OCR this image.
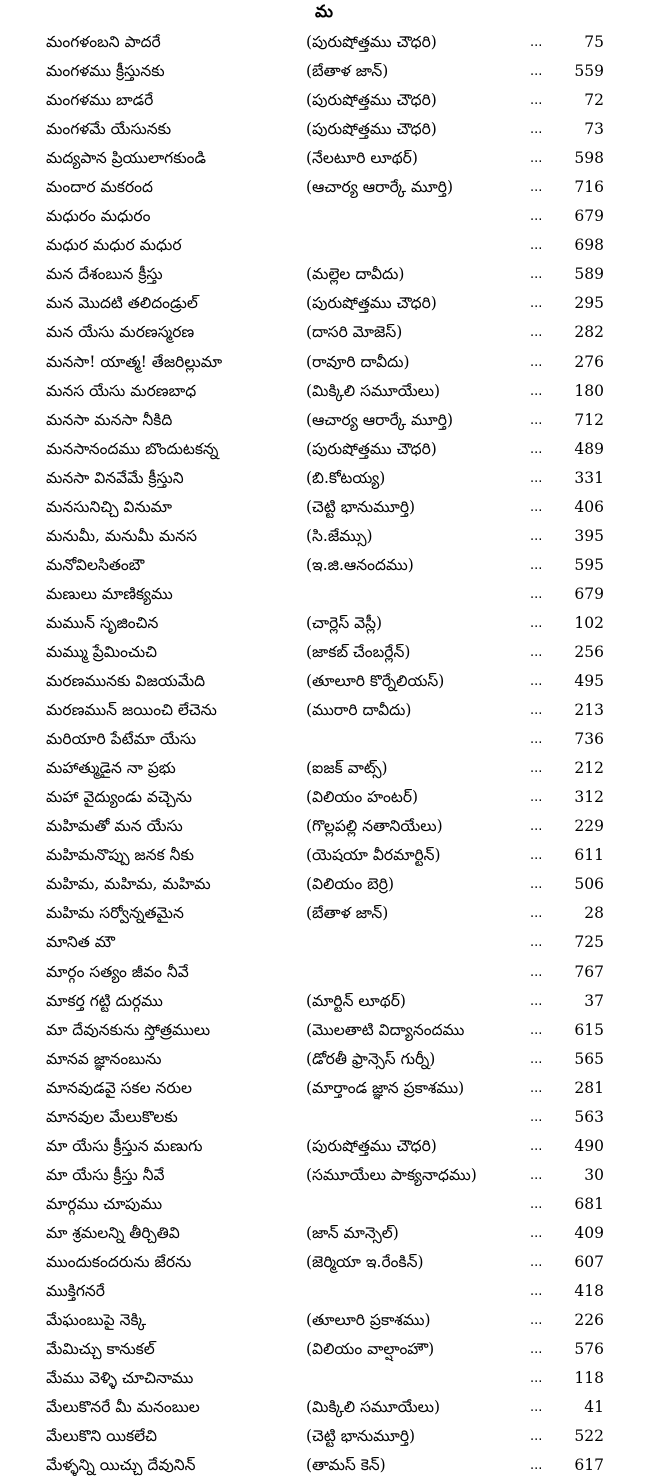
మ
మంగళంబని పాదరే	(పురుషోత్తము చౌధరి)	...	75
మంగళము క్రీస్తునకు	(బేతాళ జాన్)	...	559
మంగళము బాడరే	(పురుషోత్తము చౌధరి)	...	72
మంగళమే యేసునకు	(పురుషోత్తము చౌధరి)	...	73
మద్యపాన ప్రియులాగకుండి	(నేలటూరి లూథర్)	...	598
మందార మకరంద	(ఆచార్య ఆరార్కే మూర్తి)	...	716
మధురం మధురం	...	679
మధుర మధుర మధుర	...	698
మన దేశంబున క్రీస్తు	(మల్లెల దావీదు)	...	589
మన మొదటి తలిదండ్రుల్	(పురుషోత్తము చౌధరి)	...	295
మన యేసు మరణస్మరణ	(దాసరి మోజెస్)	...	282
మనసా! యాత్మ! తేజరిల్లుమా	(రావూరి దావీదు)	...	276
మనస యేసు మరణబాధ	(మిక్కిలి సమూయేలు)	...	180
మనసా మనసా నీకిది	(ఆచార్య ఆరార్కే మూర్తి)	...	712
మనసానందము బొందుటకన్న	(పురుషోత్తము చౌధరి)	...	489
మనసా వినవేమే క్రీస్తుని	(బి.కోటయ్య)	...	331
మనసునిచ్చి వినుమా	(చెట్టి భానుమూర్తి)	...	406
మనుమీ, మనుమీ మనస	(సి.జేమ్సు)	...	395
మనోవిలసితంబౌ	(ఇ.జి.ఆనందము)	...	595
మణులు మాణిక్యము	...	679
మమున్ సృజించిన	(చార్లెస్ వెస్లీ)	...	102
మమ్ము ప్రేమించుచి	(జాకబ్ చేంబర్లేన్)	...	256
మరణమునకు విజయమేది	(తూలూరి కొర్నేలియస్)	...	495
మరణమున్ జయించి లేచెను	(మురారి దావీదు)	...	213
మరియారి పేటేమా యేసు	...	736
మహాత్ముడైన నా ప్రభు	(ఐజక్ వాట్స్)	...	212
మహా వైద్యుండు వచ్చెను	(విలియం హంటర్)	...	312
మహిమతో మన యేసు	(గొల్లపల్లి నతానియేలు)	...	229
మహిమనొప్పు జనక నీకు	(యెషయా వీరమార్టిన్)	...	611
మహిమ, మహిమ, మహిమ	(విలియం బెర్రి)	...	506
మహిమ సర్వోన్నతమైన	(బేతాళ జాన్)	...	28
మానిత మౌ	...	725
మార్గం సత్యం జీవం నీవే	...	767
మాకర్త గట్టి దుర్గము	(మార్టిన్ లూథర్)	...	37
మా దేవునకును స్తోత్రములు	(మొలతాటి విద్యానందము	...	615
మానవ జ్ఞానంబును	(డోరతీ ఫ్రాన్సెస్ గుర్నీ)	...	565
మానవుడవై సకల నరుల	(మార్తాండ జ్ఞాన ప్రకాశము)	...	281
మానవుల మేలుకొలకు	...	563
మా యేసు క్రీస్తున మణుగు	(పురుషోత్తము చౌధరి)	...	490
మా యేసు క్రీస్తు నీవే	(సమూయేలు పాక్యనాధము)	...	30
మార్గము చూపుము	...	681
మా శ్రమలన్ని తీర్చితివి	(జాన్ మాన్సెల్)	...	409
ముందుకందరును జేరను	(జెర్మియా ఇ.రేంకిన్)	...	607
ముక్తిగనరే	...	418
మేఘంబుపై నెక్కి	(తూలూరి ప్రకాశము)	...	226
మేమిచ్చు కానుకల్	(విలియం వాల్షాంహౌ)	...	576
మేము వెళ్ళి చూచినాము	...	118
మేలుకొనరే మీ మనంబుల	(మిక్కిలి సమూయేలు)	...	41
మేలుకొని యికలేచి	(చెట్టి భానుమూర్తి)	...	522
మేళ్ళన్ని యిచ్చు దేవునిన్	(తామస్ కెన్)	...	617
